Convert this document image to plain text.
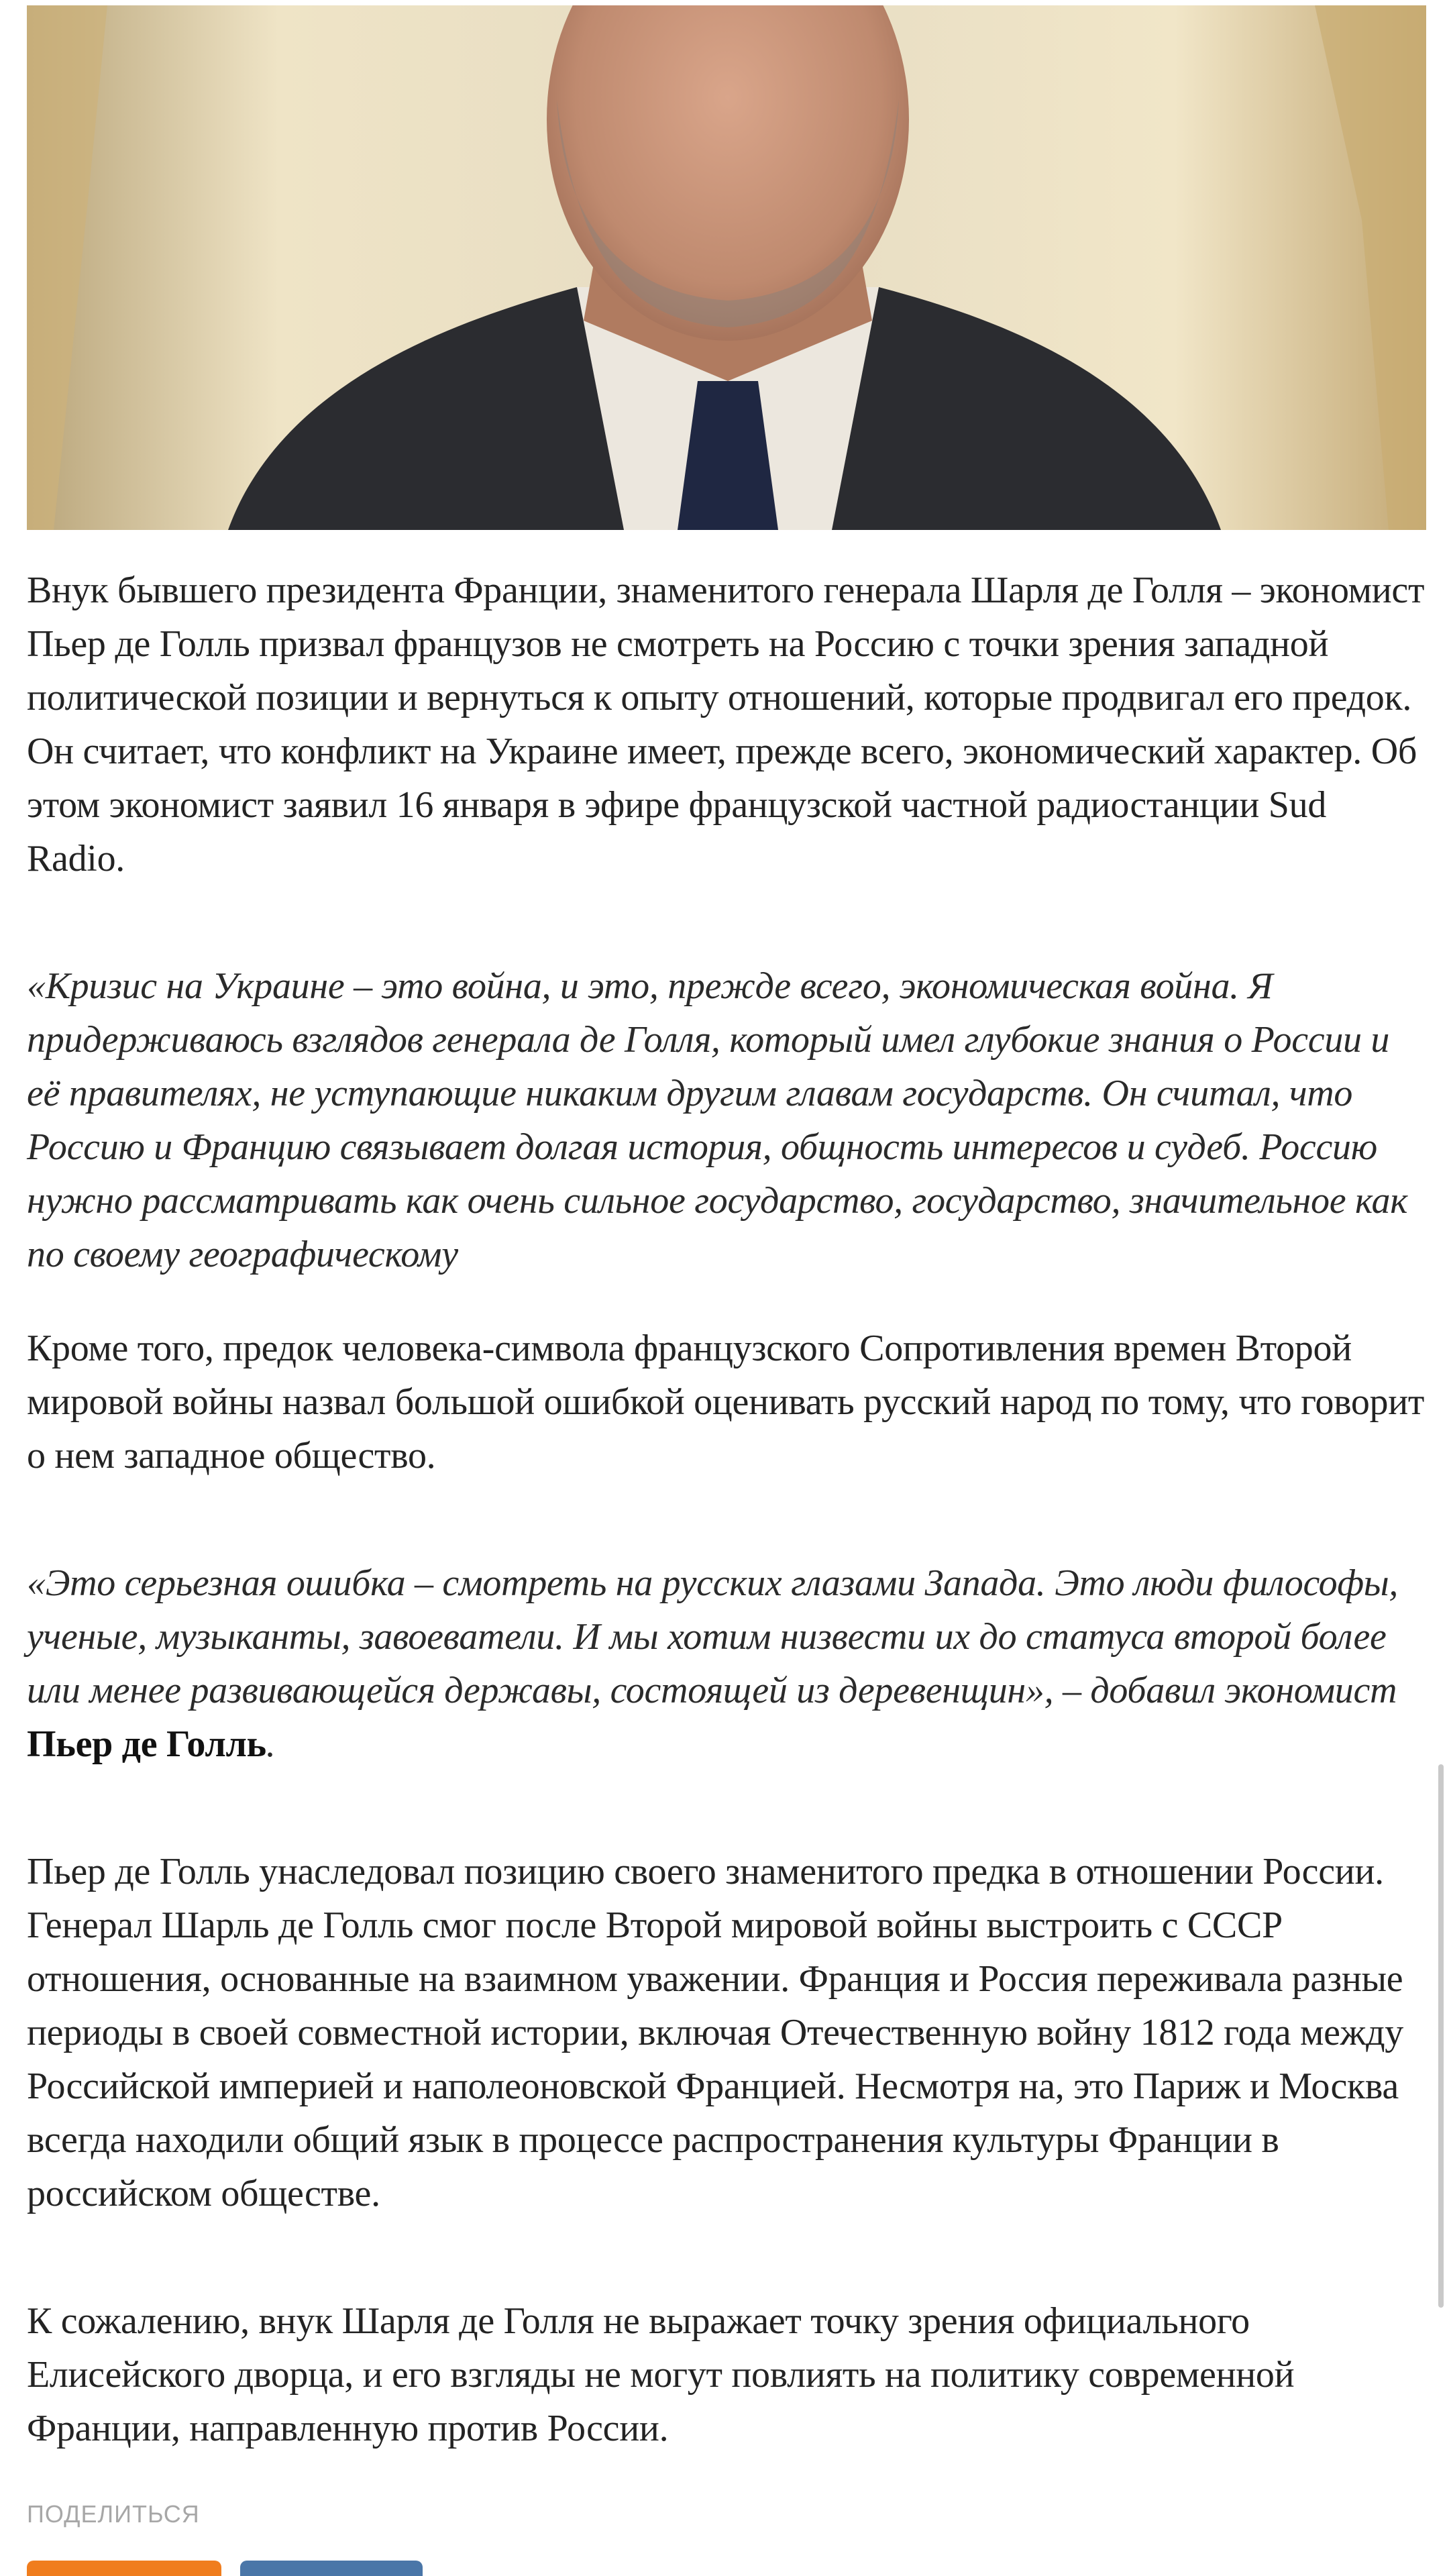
Внук бывшего президента Франции, знаменитого генерала Шарля де Голля – экономист Пьер де Голль призвал французов не смотреть на Россию с точки зрения западной политической позиции и вернуться к опыту отношений, которые продвигал его предок. Он считает, что конфликт на Украине имеет, прежде всего, экономический характер. Об этом экономист заявил 16 января в эфире французской частной радиостанции Sud Radio.

«Кризис на Украине – это война, и это, прежде всего, экономическая война. Я придерживаюсь взглядов генерала де Голля, который имел глубокие знания о России и её правителях, не уступающие никаким другим главам государств. Он считал, что Россию и Францию связывает долгая история, общность интересов и судеб. Россию нужно рассматривать как очень сильное государство, государство, значительное как по своему географическому

Кроме того, предок человека-символа французского Сопротивления времен Второй мировой войны назвал большой ошибкой оценивать русский народ по тому, что говорит о нем западное общество.

«Это серьезная ошибка – смотреть на русских глазами Запада. Это люди философы, ученые, музыканты, завоеватели. И мы хотим низвести их до статуса второй более или менее развивающейся державы, состоящей из деревенщин», – добавил экономист Пьер де Голль.

Пьер де Голль унаследовал позицию своего знаменитого предка в отношении России. Генерал Шарль де Голль смог после Второй мировой войны выстроить с СССР отношения, основанные на взаимном уважении. Франция и Россия переживала разные периоды в своей совместной истории, включая Отечественную войну 1812 года между Российской империей и наполеоновской Францией. Несмотря на, это Париж и Москва всегда находили общий язык в процессе распространения культуры Франции в российском обществе.

К сожалению, внук Шарля де Голля не выражает точку зрения официального Елисейского дворца, и его взгляды не могут повлиять на политику современной Франции, направленную против России.

ПОДЕЛИТЬСЯ
